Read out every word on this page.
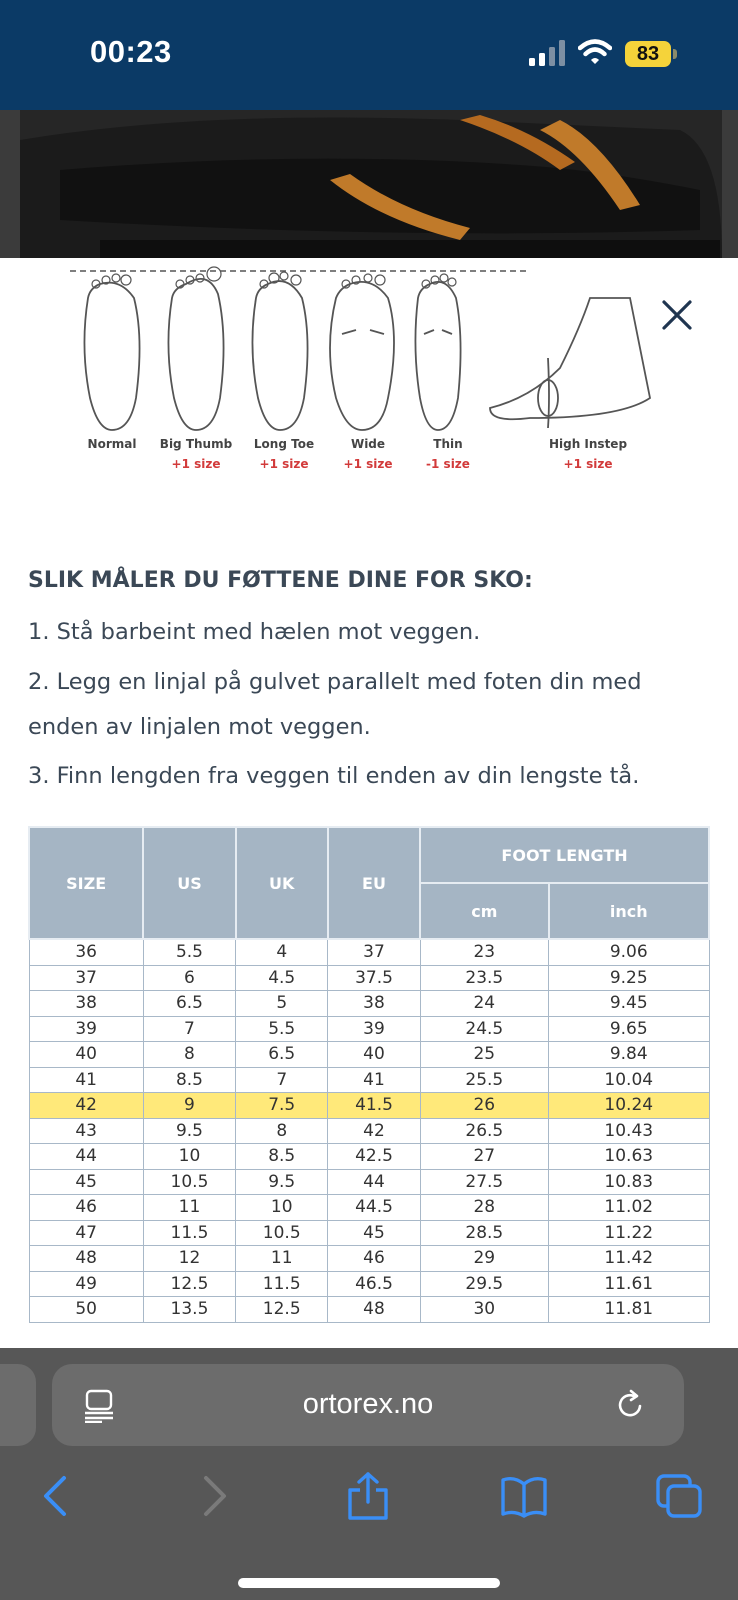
00:23	83
Normal	Big Thumb
+1 size
Long Toe
+1 size
Wide
+1 size
Thin
-1 size
High Instep
+1 size
SLIK MÅLER DU FØTTENE DINE FOR SKO:
1. Stå barbeint med hælen mot veggen.
2. Legg en linjal på gulvet parallelt med foten din med
enden av linjalen mot veggen.
3. Finn lengden fra veggen til enden av din lengste tå.
SIZE	US	UK	EU	FOOT LENGTH	
				cm	inch
36	5.5	4	37	23	9.06
37	6	4.5	37.5	23.5	9.25
38	6.5	5	38	24	9.45
39	7	5.5	39	24.5	9.65
40	8	6.5	40	25	9.84
41	8.5	7	41	25.5	10.04
42	9	7.5	41.5	26	10.24
43	9.5	8	42	26.5	10.43
44	10	8.5	42.5	27	10.63
45	10.5	9.5	44	27.5	10.83
46	11	10	44.5	28	11.02
47	11.5	10.5	45	28.5	11.22
48	12	11	46	29	11.42
49	12.5	11.5	46.5	29.5	11.61
50	13.5	12.5	48	30	11.81
ortorex.no
